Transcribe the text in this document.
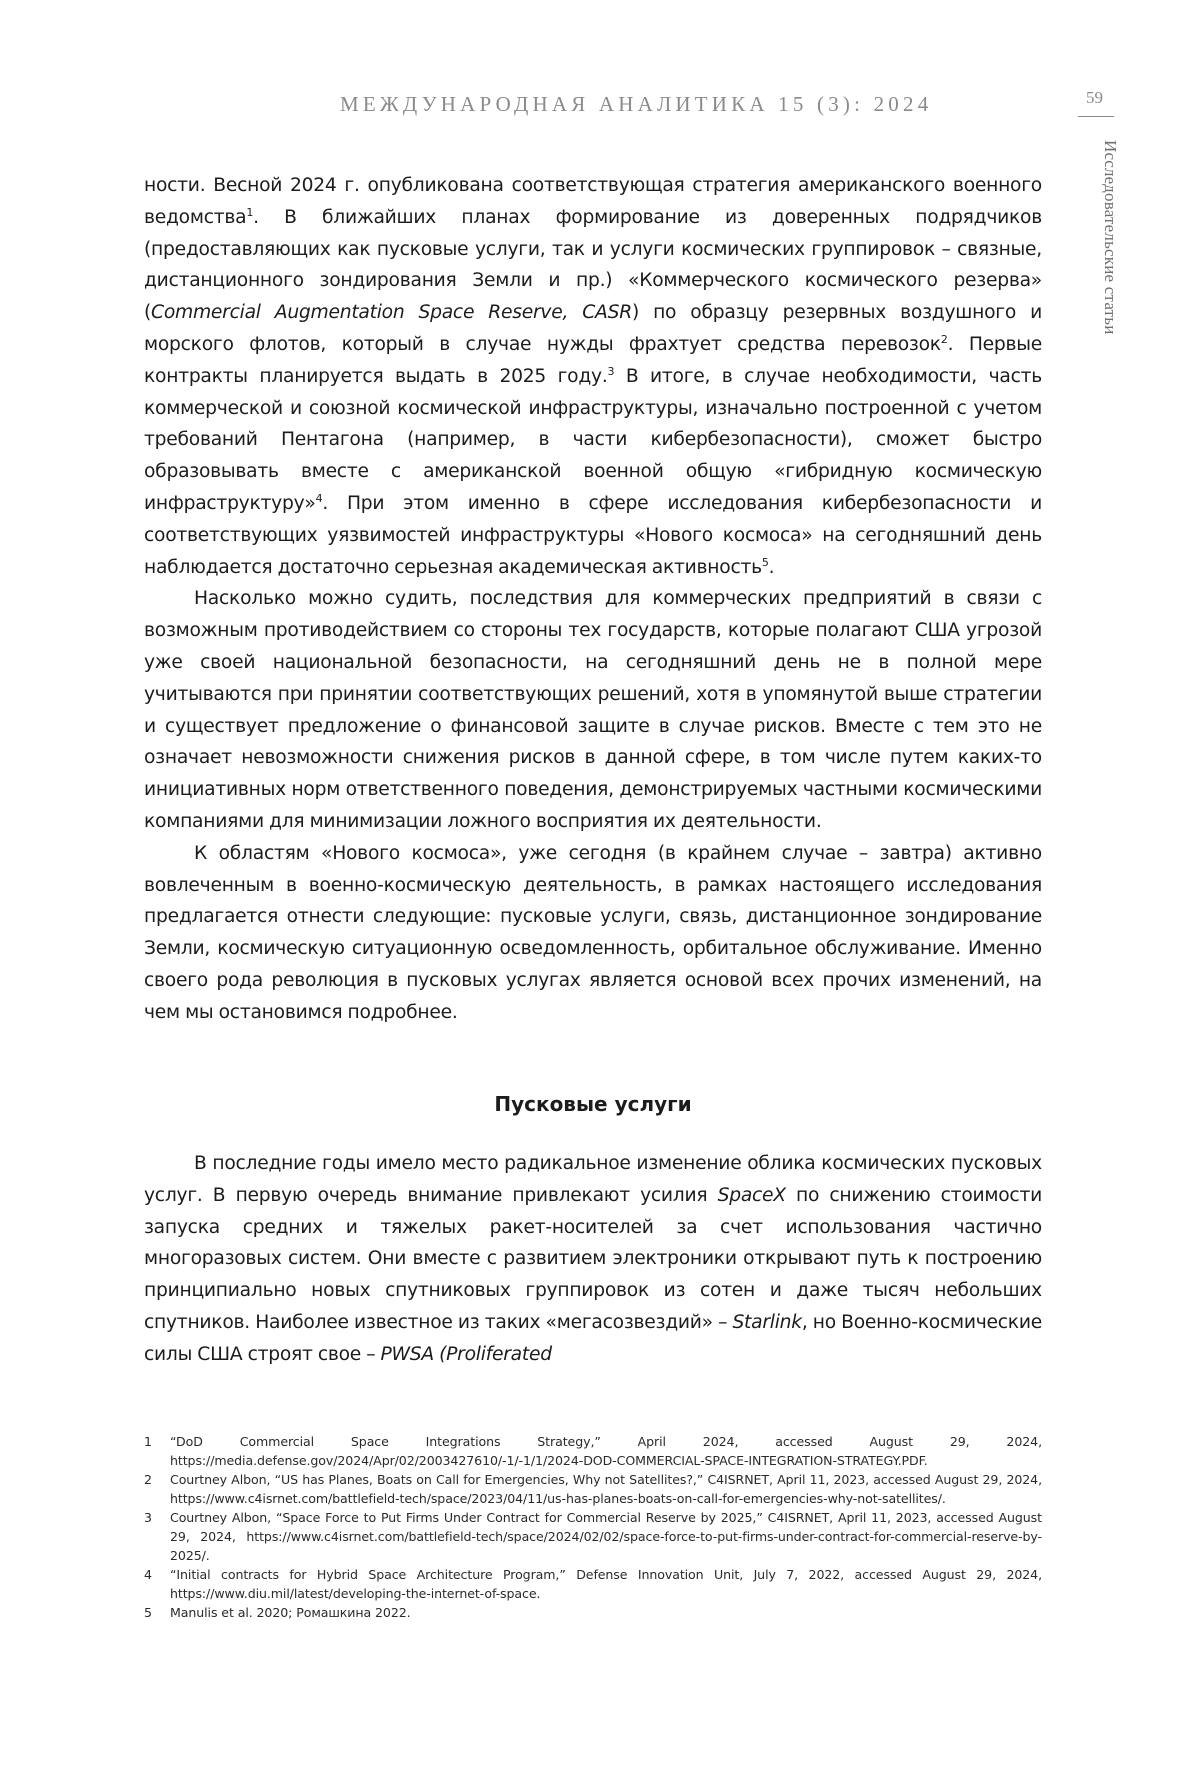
МЕЖДУНАРОДНАЯ АНАЛИТИКА 15 (3): 2024	59
Исследовательские статьи

ности. Весной 2024 г. опубликована соответствующая стратегия американского военного ведомства$^1$. В ближайших планах формирование из доверенных подрядчиков (предоставляющих как пусковые услуги, так и услуги космических группировок – связные, дистанционного зондирования Земли и пр.) «Коммерческого космического резерва» (Commercial Augmentation Space Reserve, CASR) по образцу резервных воздушного и морского флотов, который в случае нужды фрахтует средства перевозок$^2$. Первые контракты планируется выдать в 2025 году.$^3$ В итоге, в случае необходимости, часть коммерческой и союзной космической инфраструктуры, изначально построенной с учетом требований Пентагона (например, в части кибербезопасности), сможет быстро образовывать вместе с американской военной общую «гибридную космическую инфраструктуру»$^4$. При этом именно в сфере исследования кибербезопасности и соответствующих уязвимостей инфраструктуры «Нового космоса» на сегодняшний день наблюдается достаточно серьезная академическая активность$^5$.

Насколько можно судить, последствия для коммерческих предприятий в связи с возможным противодействием со стороны тех государств, которые полагают США угрозой уже своей национальной безопасности, на сегодняшний день не в полной мере учитываются при принятии соответствующих решений, хотя в упомянутой выше стратегии и существует предложение о финансовой защите в случае рисков. Вместе с тем это не означает невозможности снижения рисков в данной сфере, в том числе путем каких-то инициативных норм ответственного поведения, демонстрируемых частными космическими компаниями для минимизации ложного восприятия их деятельности.

К областям «Нового космоса», уже сегодня (в крайнем случае – завтра) активно вовлеченным в военно-космическую деятельность, в рамках настоящего исследования предлагается отнести следующие: пусковые услуги, связь, дистанционное зондирование Земли, космическую ситуационную осведомленность, орбитальное обслуживание. Именно своего рода революция в пусковых услугах является основой всех прочих изменений, на чем мы остановимся подробнее.

Пусковые услуги

В последние годы имело место радикальное изменение облика космических пусковых услуг. В первую очередь внимание привлекают усилия SpaceX по снижению стоимости запуска средних и тяжелых ракет-носителей за счет использования частично многоразовых систем. Они вместе с развитием электроники открывают путь к построению принципиально новых спутниковых группировок из сотен и даже тысяч небольших спутников. Наиболее известное из таких «мегасозвездий» – Starlink, но Военно-космические силы США строят свое – PWSA (Proliferated

1	“DoD Commercial Space Integrations Strategy,” April 2024, accessed August 29, 2024, https://media.defense.gov/2024/Apr/02/2003427610/-1/-1/1/2024-DOD-COMMERCIAL-SPACE-INTEGRATION-STRATEGY.PDF.
2	Courtney Albon, “US has Planes, Boats on Call for Emergencies, Why not Satellites?,” C4ISRNET, April 11, 2023, accessed August 29, 2024, https://www.c4isrnet.com/battlefield-tech/space/2023/04/11/us-has-planes-boats-on-call-for-emergencies-why-not-satellites/.
3	Courtney Albon, “Space Force to Put Firms Under Contract for Commercial Reserve by 2025,” C4ISRNET, April 11, 2023, accessed August 29, 2024, https://www.c4isrnet.com/battlefield-tech/space/2024/02/02/space-force-to-put-firms-under-contract-for-commercial-reserve-by-2025/.
4	“Initial contracts for Hybrid Space Architecture Program,” Defense Innovation Unit, July 7, 2022, accessed August 29, 2024, https://www.diu.mil/latest/developing-the-internet-of-space.
5	Manulis et al. 2020; Ромашкина 2022.
